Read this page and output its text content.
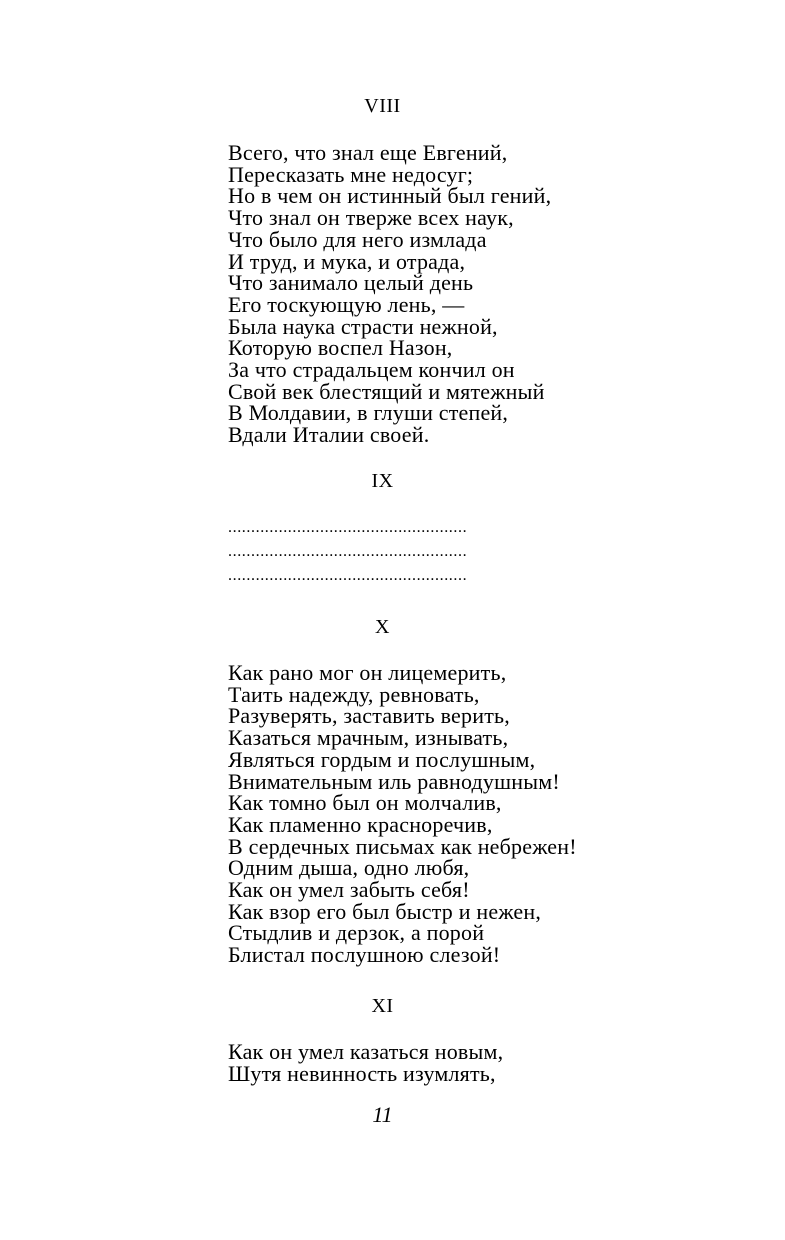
VIII
Всего, что знал еще Евгений,
Пересказать мне недосуг;
Но в чем он истинный был гений,
Что знал он тверже всех наук,
Что было для него измлада
И труд, и мука, и отрада,
Что занимало целый день
Его тоскующую лень, —
Была наука страсти нежной,
Которую воспел Назон,
За что страдальцем кончил он
Свой век блестящий и мятежный
В Молдавии, в глуши степей,
Вдали Италии своей.
IX
....................................................
....................................................
....................................................
X
Как рано мог он лицемерить,
Таить надежду, ревновать,
Разуверять, заставить верить,
Казаться мрачным, изнывать,
Являться гордым и послушным,
Внимательным иль равнодушным!
Как томно был он молчалив,
Как пламенно красноречив,
В сердечных письмах как небрежен!
Одним дыша, одно любя,
Как он умел забыть себя!
Как взор его был быстр и нежен,
Стыдлив и дерзок, а порой
Блистал послушною слезой!
XI
Как он умел казаться новым,
Шутя невинность изумлять,
11
